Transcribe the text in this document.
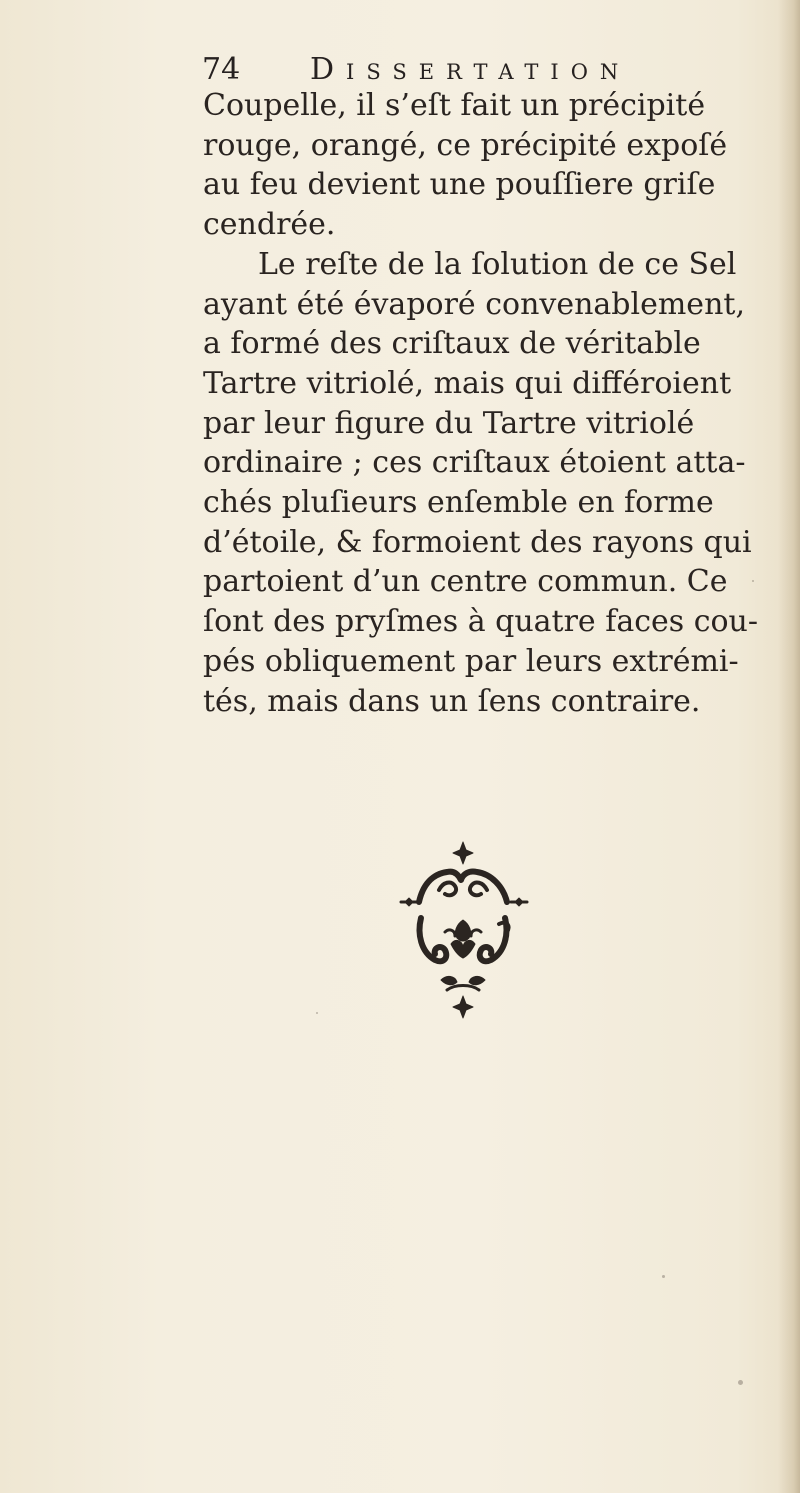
74 Dissertation
Coupelle, il s’eſt fait un précipité
rouge, orangé, ce précipité expoſé
au feu devient une pouſſiere griſe
cendrée.
Le reſte de la ſolution de ce Sel
ayant été évaporé convenablement,
a formé des criſtaux de véritable
Tartre vitriolé, mais qui différoient
par leur figure du Tartre vitriolé
ordinaire ; ces criſtaux étoient atta-
chés pluſieurs enſemble en forme
d’étoile, & formoient des rayons qui
partoient d’un centre commun. Ce
ſont des pryſmes à quatre faces cou-
pés obliquement par leurs extrémi-
tés, mais dans un ſens contraire.
